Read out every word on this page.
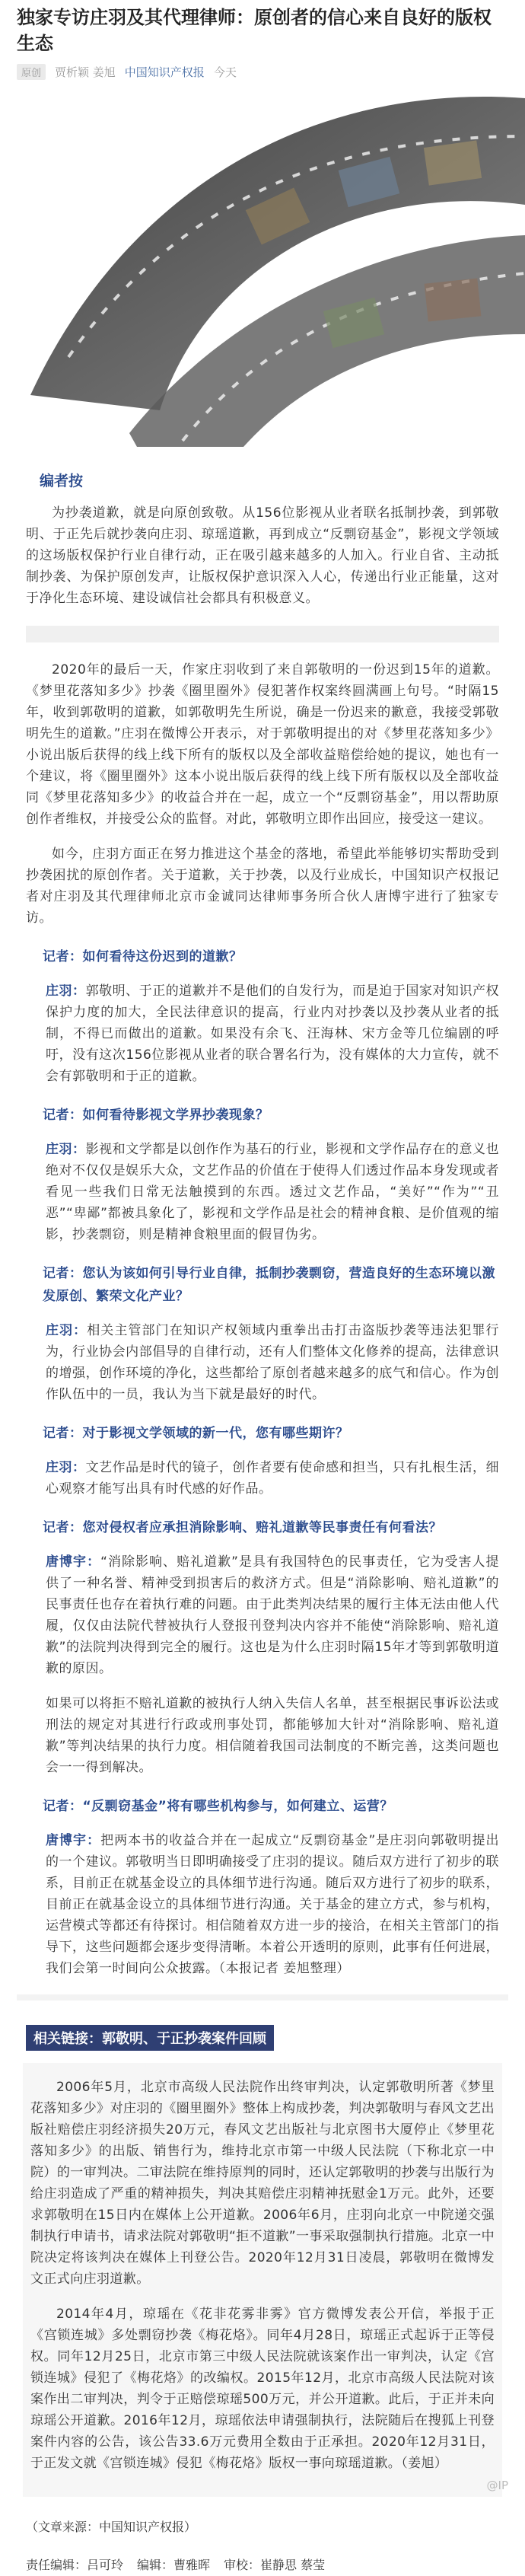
独家专访庄羽及其代理律师：原创者的信心来自良好的版权生态
原创	贾析颖 姜旭 中国知识产权报 今天
编者按

为抄袭道歉，就是向原创致敬。从156位影视从业者联名抵制抄袭，到郭敬明、于正先后就抄袭向庄羽、琼瑶道歉，再到成立“反剽窃基金”，影视文学领域的这场版权保护行业自律行动，正在吸引越来越多的人加入。行业自省、主动抵制抄袭、为保护原创发声，让版权保护意识深入人心，传递出行业正能量，这对于净化生态环境、建设诚信社会都具有积极意义。

2020年的最后一天，作家庄羽收到了来自郭敬明的一份迟到15年的道歉。《梦里花落知多少》抄袭《圈里圈外》侵犯著作权案终圆满画上句号。“时隔15年，收到郭敬明的道歉，如郭敬明先生所说，确是一份迟来的歉意，我接受郭敬明先生的道歉。”庄羽在微博公开表示，对于郭敬明提出的对《梦里花落知多少》小说出版后获得的线上线下所有的版权以及全部收益赔偿给她的提议，她也有一个建议，将《圈里圈外》这本小说出版后获得的线上线下所有版权以及全部收益同《梦里花落知多少》的收益合并在一起，成立一个“反剽窃基金”，用以帮助原创作者维权，并接受公众的监督。对此，郭敬明立即作出回应，接受这一建议。

如今，庄羽方面正在努力推进这个基金的落地，希望此举能够切实帮助受到抄袭困扰的原创作者。关于道歉，关于抄袭，以及行业成长，中国知识产权报记者对庄羽及其代理律师北京市金诚同达律师事务所合伙人唐博宇进行了独家专访。

记者：如何看待这份迟到的道歉？

庄羽：郭敬明、于正的道歉并不是他们的自发行为，而是迫于国家对知识产权保护力度的加大，全民法律意识的提高，行业内对抄袭以及抄袭从业者的抵制，不得已而做出的道歉。如果没有余飞、汪海林、宋方金等几位编剧的呼吁，没有这次156位影视从业者的联合署名行为，没有媒体的大力宣传，就不会有郭敬明和于正的道歉。

记者：如何看待影视文学界抄袭现象？

庄羽：影视和文学都是以创作作为基石的行业，影视和文学作品存在的意义也绝对不仅仅是娱乐大众，文艺作品的价值在于使得人们透过作品本身发现或者看见一些我们日常无法触摸到的东西。透过文艺作品，“美好”“作为”“丑恶”“卑鄙”都被具象化了，影视和文学作品是社会的精神食粮、是价值观的缩影，抄袭剽窃，则是精神食粮里面的假冒伪劣。

记者：您认为该如何引导行业自律，抵制抄袭剽窃，营造良好的生态环境以激发原创、繁荣文化产业？

庄羽：相关主管部门在知识产权领域内重拳出击打击盗版抄袭等违法犯罪行为，行业协会内部倡导的自律行动，还有人们整体文化修养的提高，法律意识的增强，创作环境的净化，这些都给了原创者越来越多的底气和信心。作为创作队伍中的一员，我认为当下就是最好的时代。

记者：对于影视文学领域的新一代，您有哪些期许？

庄羽：文艺作品是时代的镜子，创作者要有使命感和担当，只有扎根生活，细心观察才能写出具有时代感的好作品。

记者：您对侵权者应承担消除影响、赔礼道歉等民事责任有何看法？

唐博宇：“消除影响、赔礼道歉”是具有我国特色的民事责任，它为受害人提供了一种名誉、精神受到损害后的救济方式。但是“消除影响、赔礼道歉”的民事责任也存在着执行难的问题。由于此类判决结果的履行主体无法由他人代履，仅仅由法院代替被执行人登报刊登判决内容并不能使“消除影响、赔礼道歉”的法院判决得到完全的履行。这也是为什么庄羽时隔15年才等到郭敬明道歉的原因。

如果可以将拒不赔礼道歉的被执行人纳入失信人名单，甚至根据民事诉讼法或刑法的规定对其进行行政或刑事处罚，都能够加大针对“消除影响、赔礼道歉”等判决结果的执行力度。相信随着我国司法制度的不断完善，这类问题也会一一得到解决。

记者：“反剽窃基金”将有哪些机构参与，如何建立、运营？

唐博宇：把两本书的收益合并在一起成立“反剽窃基金”是庄羽向郭敬明提出的一个建议。郭敬明当日即明确接受了庄羽的提议。随后双方进行了初步的联系，目前正在就基金设立的具体细节进行沟通。随后双方进行了初步的联系，目前正在就基金设立的具体细节进行沟通。关于基金的建立方式，参与机构，运营模式等都还有待探讨。相信随着双方进一步的接洽，在相关主管部门的指导下，这些问题都会逐步变得清晰。本着公开透明的原则，此事有任何进展，我们会第一时间向公众披露。（本报记者 姜旭整理）

相关链接：郭敬明、于正抄袭案件回顾

2006年5月，北京市高级人民法院作出终审判决，认定郭敬明所著《梦里花落知多少》对庄羽的《圈里圈外》整体上构成抄袭，判决郭敬明与春风文艺出版社赔偿庄羽经济损失20万元，春风文艺出版社与北京图书大厦停止《梦里花落知多少》的出版、销售行为，维持北京市第一中级人民法院（下称北京一中院）的一审判决。二审法院在维持原判的同时，还认定郭敬明的抄袭与出版行为给庄羽造成了严重的精神损失，判决其赔偿庄羽精神抚慰金1万元。此外，还要求郭敬明在15日内在媒体上公开道歉。2006年6月，庄羽向北京一中院递交强制执行申请书，请求法院对郭敬明“拒不道歉”一事采取强制执行措施。北京一中院决定将该判决在媒体上刊登公告。2020年12月31日凌晨，郭敬明在微博发文正式向庄羽道歉。

2014年4月，琼瑶在《花非花雾非雾》官方微博发表公开信，举报于正《宫锁连城》多处剽窃抄袭《梅花烙》。同年4月28日，琼瑶正式起诉于正等侵权。同年12月25日，北京市第三中级人民法院就该案作出一审判决，认定《宫锁连城》侵犯了《梅花烙》的改编权。2015年12月，北京市高级人民法院对该案作出二审判决，判令于正赔偿琼瑶500万元，并公开道歉。此后，于正并未向琼瑶公开道歉。2016年12月，琼瑶依法申请强制执行，法院随后在搜狐上刊登案件内容的公告，该公告33.6万元费用全数由于正承担。2020年12月31日，于正发文就《宫锁连城》侵犯《梅花烙》版权一事向琼瑶道歉。（姜旭）

（文章来源：中国知识产权报）
责任编辑：吕可玲 编辑：曹雅晖 审校：崔静思 蔡莹
@IP
